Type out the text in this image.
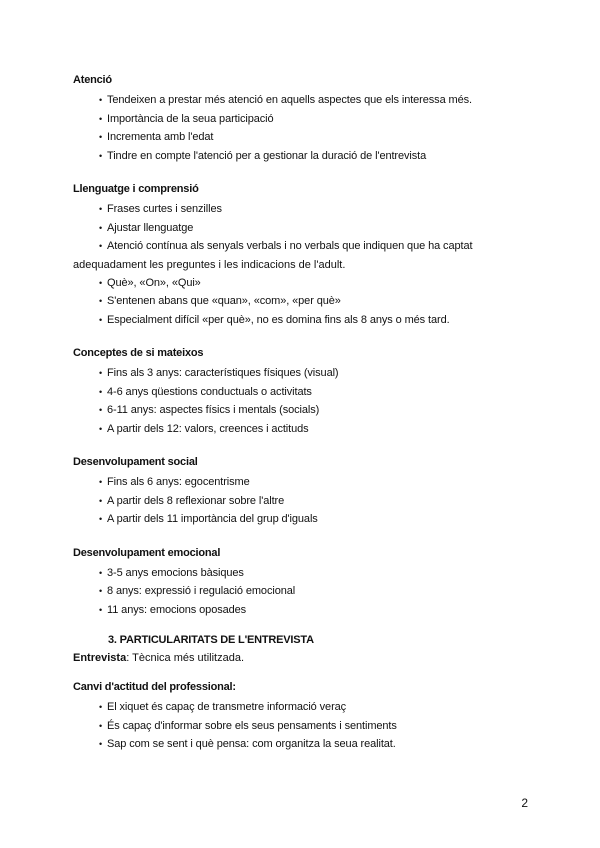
Atenció

• Tendeixen a prestar més atenció en aquells aspectes que els interessa més.
• Importància de la seua participació
• Incrementa amb l'edat
• Tindre en compte l'atenció per a gestionar la duració de l'entrevista

Llenguatge i comprensió

• Frases curtes i senzilles
• Ajustar llenguatge
• Atenció contínua als senyals verbals i no verbals que indiquen que ha captat

adequadament les preguntes i les indicacions de l'adult.

• Què», «On», «Qui»
• S'entenen abans que «quan», «com», «per què»
• Especialment difícil «per què», no es domina fins als 8 anys o més tard.

Conceptes de si mateixos

• Fins als 3 anys: característiques físiques (visual)
• 4-6 anys qüestions conductuals o activitats
• 6-11 anys: aspectes físics i mentals (socials)
• A partir dels 12: valors, creences i actituds

Desenvolupament social

• Fins als 6 anys: egocentrisme
• A partir dels 8 reflexionar sobre l'altre
• A partir dels 11 importància del grup d'iguals

Desenvolupament emocional

• 3-5 anys emocions bàsiques
• 8 anys: expressió i regulació emocional
• 11 anys: emocions oposades

3. PARTICULARITATS DE L'ENTREVISTA

Entrevista: Tècnica més utilitzada.

Canvi d'actitud del professional:

• El xiquet és capaç de transmetre informació veraç
• És capaç d'informar sobre els seus pensaments i sentiments
• Sap com se sent i què pensa: com organitza la seua realitat.
2
